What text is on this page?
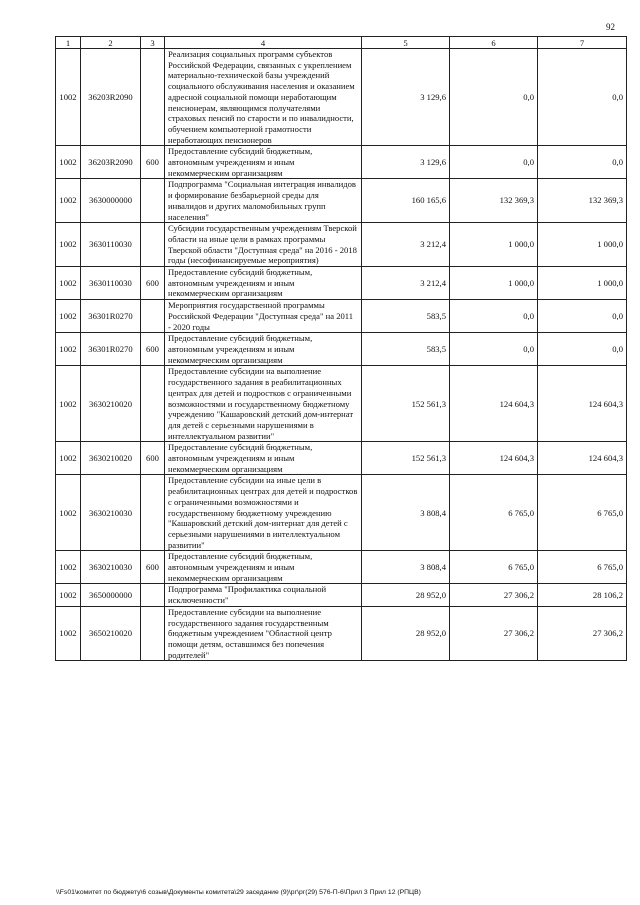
92
1	2	3	4	5	6	7
1002	36203R2090		Реализация социальных программ субъектов Российской Федерации, связанных с укреплением материально-технической базы учреждений социального обслуживания населения и оказанием адресной социальной помощи неработающим пенсионерам, являющимся получателями страховых пенсий по старости и по инвалидности, обучением компьютерной грамотности неработающих пенсионеров	3 129,6	0,0	0,0
1002	36203R2090	600	Предоставление субсидий бюджетным, автономным учреждениям и иным некоммерческим организациям	3 129,6	0,0	0,0
1002	3630000000		Подпрограмма "Социальная интеграция инвалидов и формирование безбарьерной среды для инвалидов и других маломобильных групп населения"	160 165,6	132 369,3	132 369,3
1002	3630110030		Субсидии государственным учреждениям Тверской области на иные цели в рамках программы Тверской области "Доступная среда" на 2016 - 2018 годы (несофинансируемые мероприятия)	3 212,4	1 000,0	1 000,0
1002	3630110030	600	Предоставление субсидий бюджетным, автономным учреждениям и иным некоммерческим организациям	3 212,4	1 000,0	1 000,0
1002	36301R0270		Мероприятия государственной программы Российской Федерации "Доступная среда" на 2011 - 2020 годы	583,5	0,0	0,0
1002	36301R0270	600	Предоставление субсидий бюджетным, автономным учреждениям и иным некоммерческим организациям	583,5	0,0	0,0
1002	3630210020		Предоставление субсидии на выполнение государственного задания в реабилитационных центрах для детей и подростков с ограниченными возможностями и государственному бюджетному учреждению "Кашаровский детский дом-интернат для детей с серьезными нарушениями в интеллектуальном развитии"	152 561,3	124 604,3	124 604,3
1002	3630210020	600	Предоставление субсидий бюджетным, автономным учреждениям и иным некоммерческим организациям	152 561,3	124 604,3	124 604,3
1002	3630210030		Предоставление субсидии на иные цели в реабилитационных центрах для детей и подростков с ограниченными возможностями и государственному бюджетному учреждению "Кашаровский детский дом-интернат для детей с серьезными нарушениями в интеллектуальном развитии"	3 808,4	6 765,0	6 765,0
1002	3630210030	600	Предоставление субсидий бюджетным, автономным учреждениям и иным некоммерческим организациям	3 808,4	6 765,0	6 765,0
1002	3650000000		Подпрограмма "Профилактика социальной исключенности"	28 952,0	27 306,2	28 106,2
1002	3650210020		Предоставление субсидии на выполнение государственного задания государственным бюджетным учреждением "Областной центр помощи детям, оставшимся без попечения родителей"	28 952,0	27 306,2	27 306,2
\\Fs01\комитет по бюджету\6 созыв\Документы комитета\29 заседание (9)\рг\рг(29) 576-П-6\Прил 3 Прил 12 (РПЦВ)
